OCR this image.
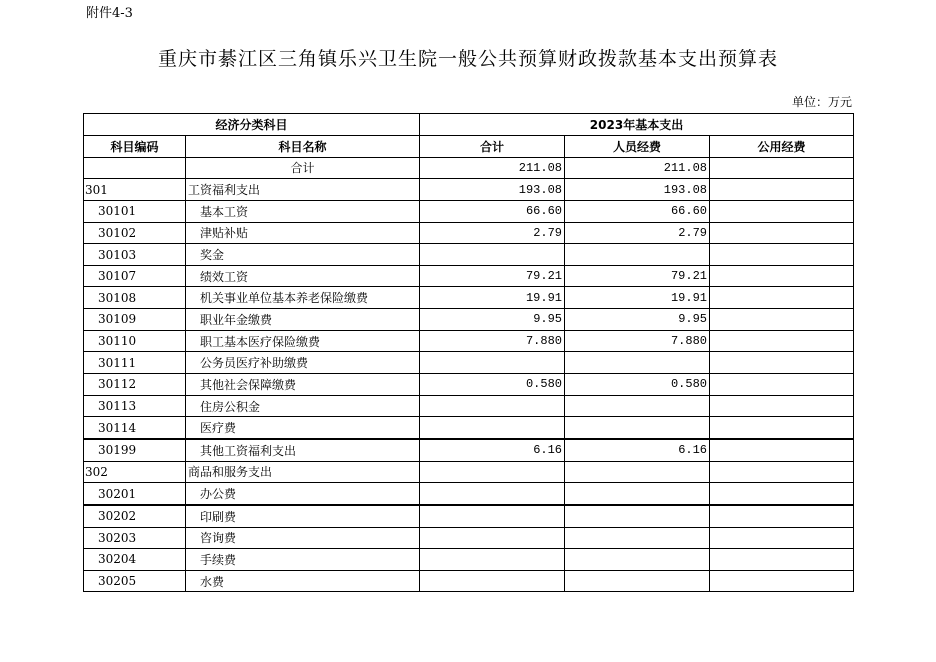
附件4-3
重庆市綦江区三角镇乐兴卫生院一般公共预算财政拨款基本支出预算表
单位：万元
经济分类科目		2023年基本支出		
科目编码	科目名称	合计	人员经费	公用经费
	合计	211.08	211.08	
301	工资福利支出	193.08	193.08	
30101	基本工资	66.60	66.60	
30102	津贴补贴	2.79	2.79	
30103	奖金			
30107	绩效工资	79.21	79.21	
30108	机关事业单位基本养老保险缴费	19.91	19.91	
30109	职业年金缴费	9.95	9.95	
30110	职工基本医疗保险缴费	7.880	7.880	
30111	公务员医疗补助缴费			
30112	其他社会保障缴费	0.580	0.580	
30113	住房公积金			
30114	医疗费			
30199	其他工资福利支出	6.16	6.16	
302	商品和服务支出			
30201	办公费			
30202	印刷费			
30203	咨询费			
30204	手续费			
30205	水费			
